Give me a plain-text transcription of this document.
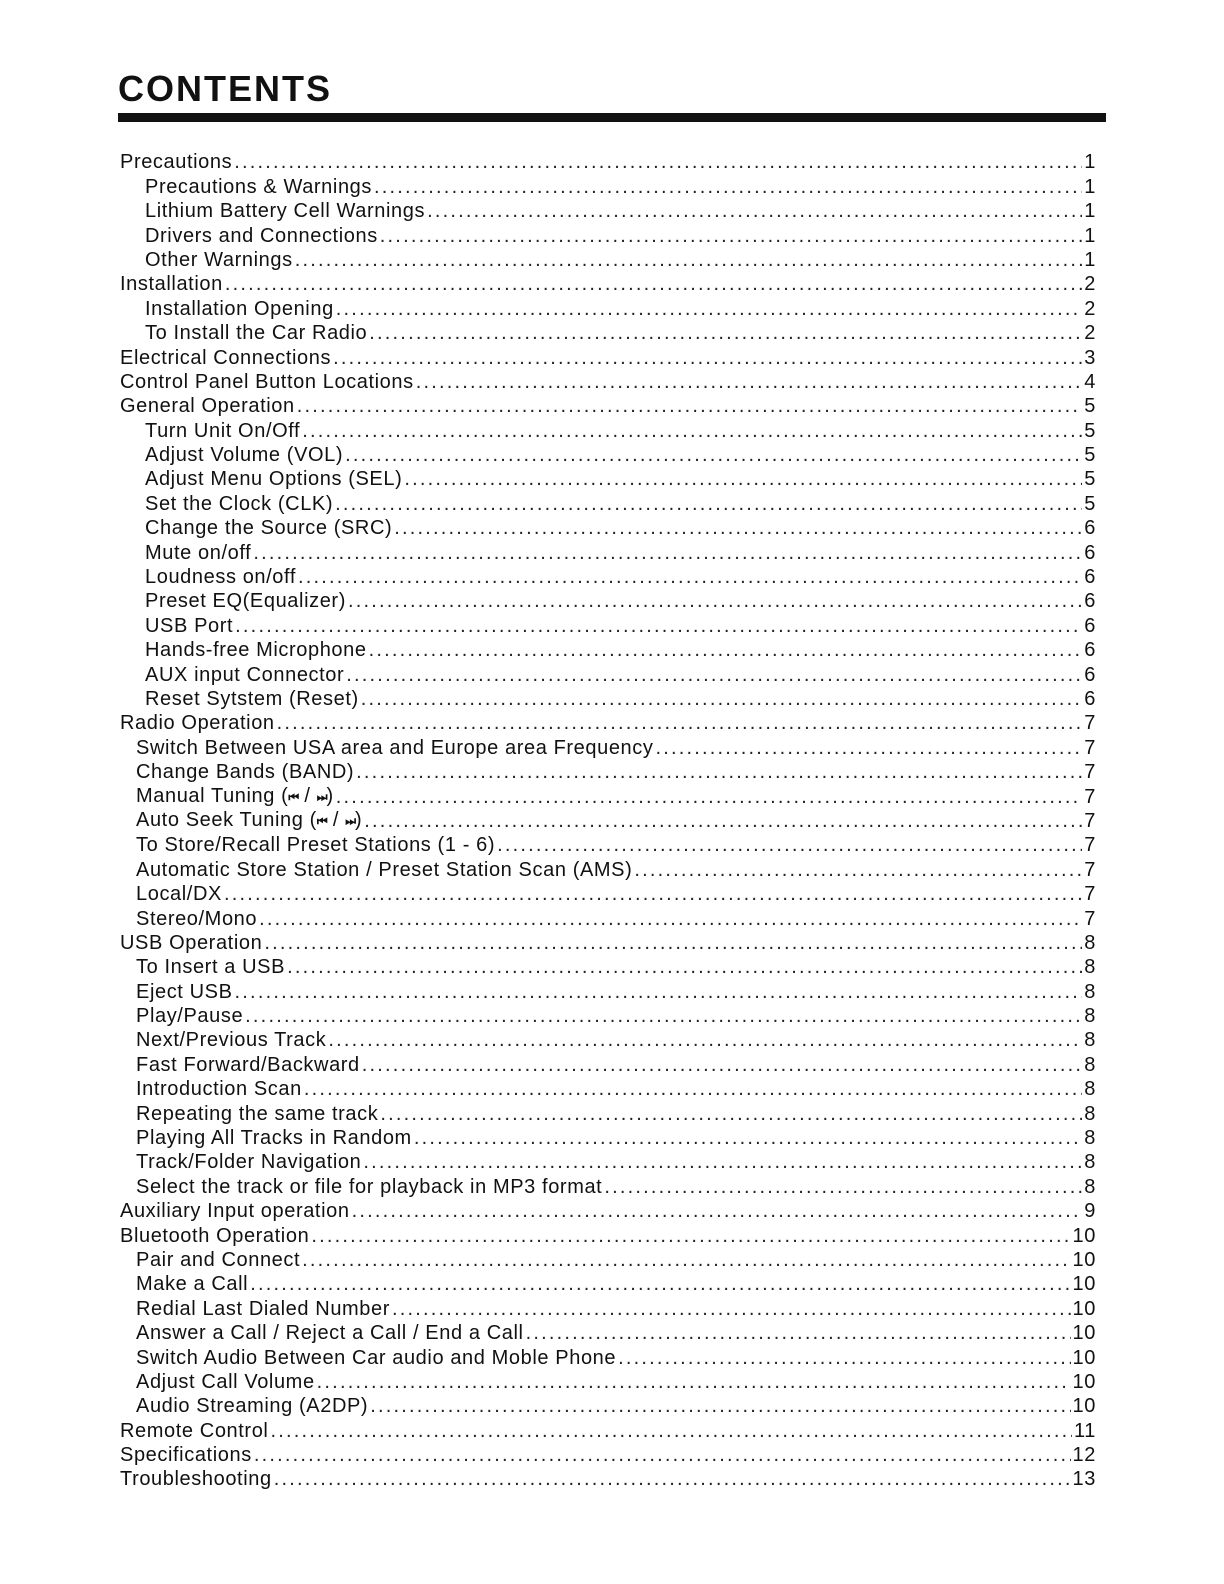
CONTENTS
Precautions .....	1
Precautions & Warnings .....	1
Lithium Battery Cell Warnings .....	1
Drivers and Connections .....	1
Other Warnings .....	1
Installation .....	2
Installation Opening .....	2
To Install the Car Radio .....	2
Electrical Connections .....	3
Control Panel Button Locations .....	4
General Operation .....	5
Turn Unit On/Off .....	5
Adjust Volume (VOL) .....	5
Adjust Menu Options (SEL) .....	5
Set the Clock (CLK) .....	5
Change the Source (SRC) .....	6
Mute on/off .....	6
Loudness on/off .....	6
Preset EQ(Equalizer) .....	6
USB Port .....	6
Hands-free Microphone .....	6
AUX input Connector .....	6
Reset Sytstem (Reset) .....	6
Radio Operation .....	7
Switch Between USA area and Europe area Frequency .....	7
Change Bands (BAND) .....	7
Manual Tuning (⏮ / ⏭) .....	7
Auto Seek Tuning (⏮ / ⏭) .....	7
To Store/Recall Preset Stations (1 - 6) .....	7
Automatic Store Station / Preset Station Scan (AMS) .....	7
Local/DX .....	7
Stereo/Mono .....	7
USB Operation .....	8
To Insert a USB .....	8
Eject USB .....	8
Play/Pause .....	8
Next/Previous Track .....	8
Fast Forward/Backward .....	8
Introduction Scan .....	8
Repeating the same track .....	8
Playing All Tracks in Random .....	8
Track/Folder Navigation .....	8
Select the track or file for playback in MP3 format .....	8
Auxiliary Input operation .....	9
Bluetooth Operation .....	10
Pair and Connect .....	10
Make a Call .....	10
Redial Last Dialed Number .....	10
Answer a Call / Reject a Call / End a Call .....	10
Switch Audio Between Car audio and Moble Phone .....	10
Adjust Call Volume .....	10
Audio Streaming (A2DP) .....	10
Remote Control .....	11
Specifications .....	12
Troubleshooting .....	13
